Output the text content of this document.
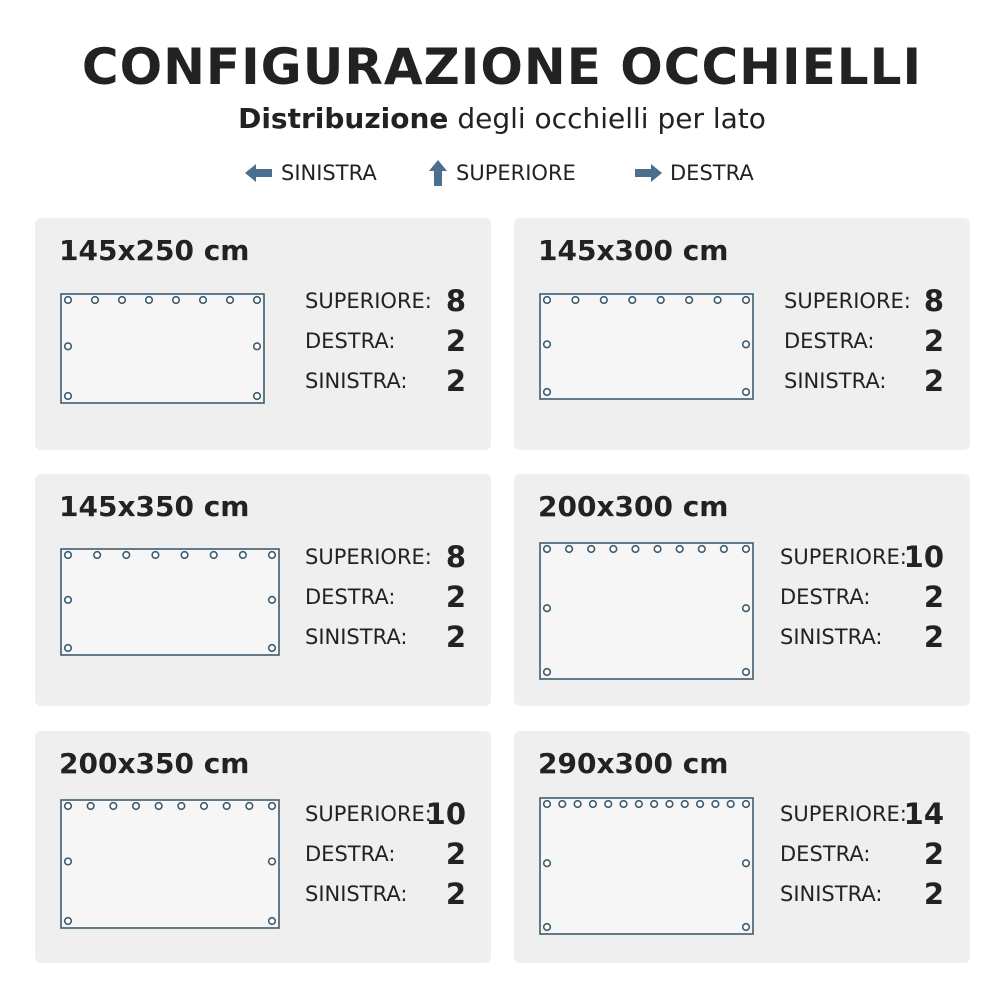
CONFIGURAZIONE OCCHIELLI
Distribuzione degli occhielli per lato
SINISTRA	SUPERIORE	DESTRA
145x250 cm
SUPERIORE: 8
DESTRA: 2
SINISTRA: 2
145x300 cm
SUPERIORE: 8
DESTRA: 2
SINISTRA: 2
145x350 cm
SUPERIORE: 8
DESTRA: 2
SINISTRA: 2
200x300 cm
SUPERIORE:
10
DESTRA: 2
SINISTRA: 2
200x350 cm
SUPERIORE:
10
DESTRA: 2
SINISTRA: 2
290x300 cm
SUPERIORE:
14
DESTRA: 2
SINISTRA: 2
